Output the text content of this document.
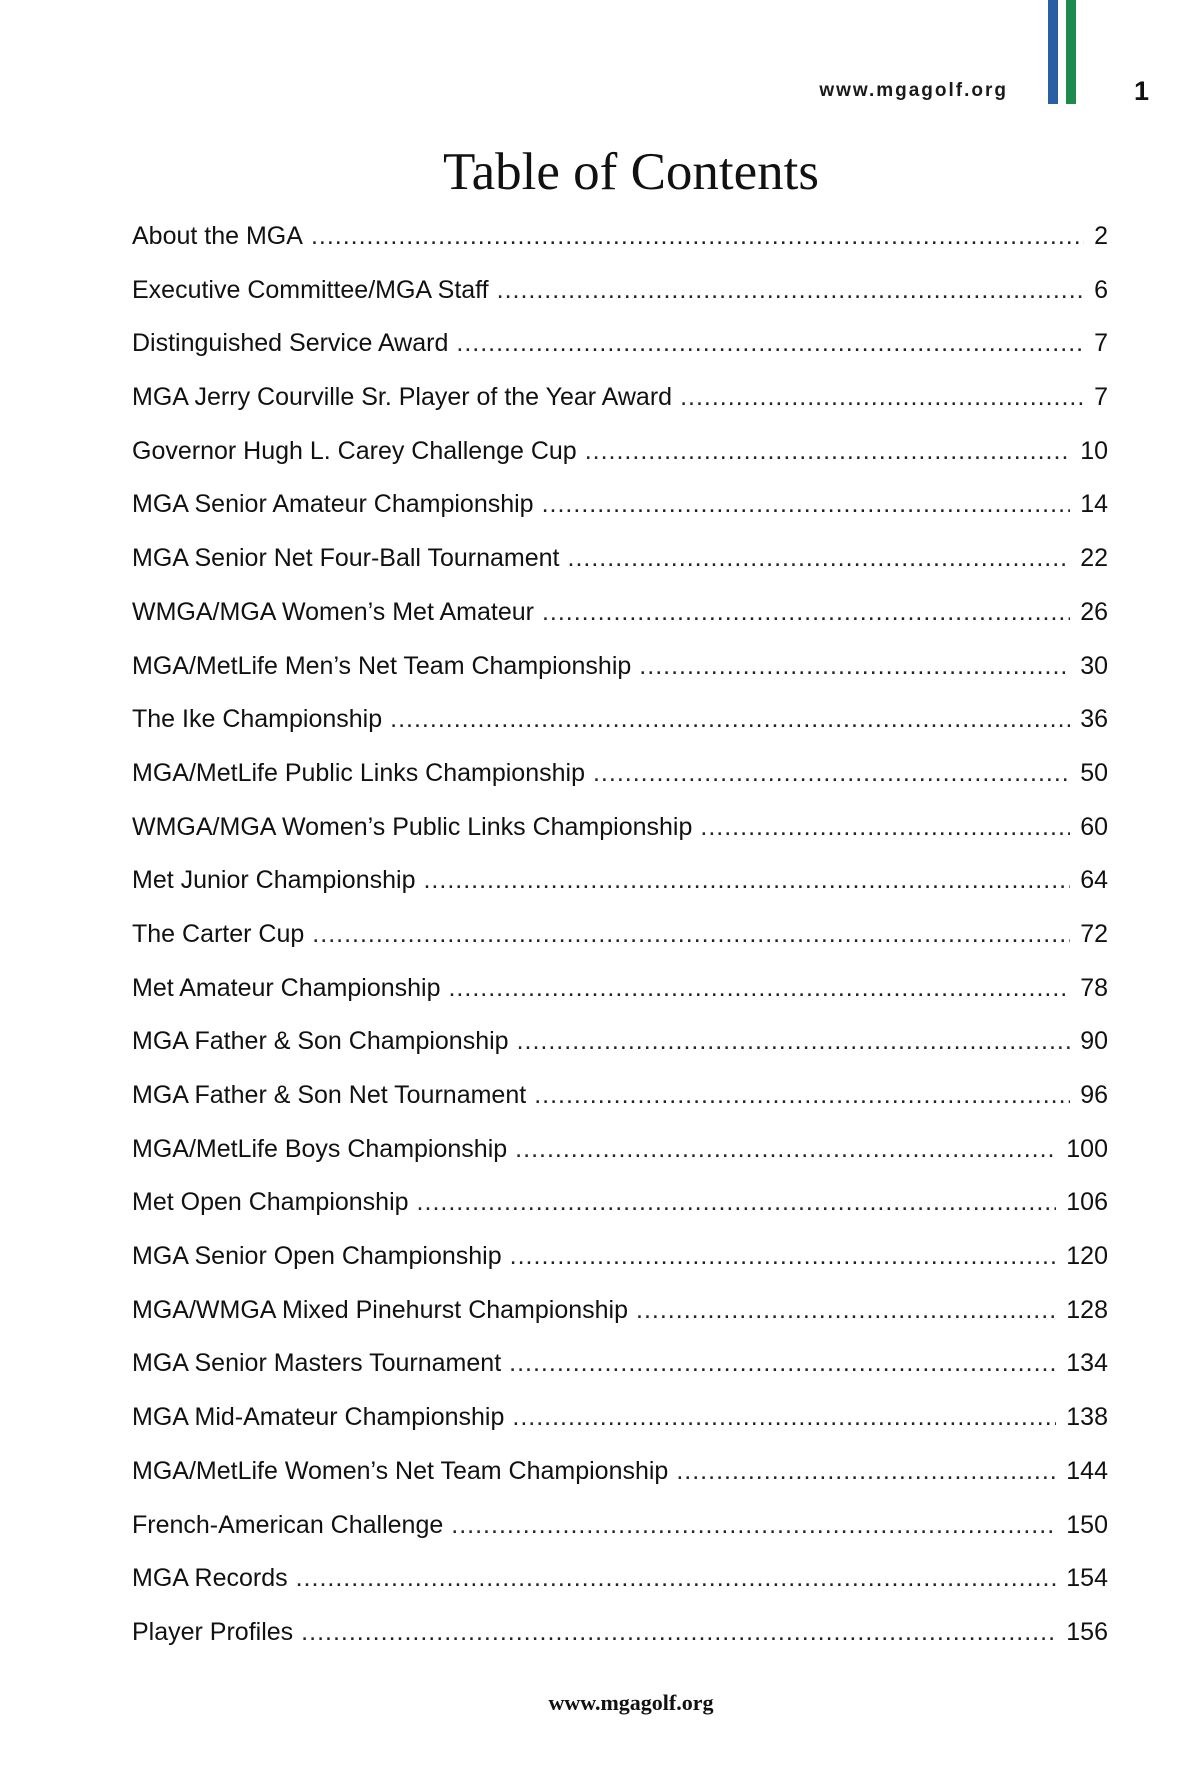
www.mgagolf.org	1
Table of Contents
About the MGA .....	2
Executive Committee/MGA Staff .....	6
Distinguished Service Award .....	7
MGA Jerry Courville Sr. Player of the Year Award .....	7
Governor Hugh L. Carey Challenge Cup .....	10
MGA Senior Amateur Championship .....	14
MGA Senior Net Four-Ball Tournament .....	22
WMGA/MGA Women’s Met Amateur .....	26
MGA/MetLife Men’s Net Team Championship .....	30
The Ike Championship .....	36
MGA/MetLife Public Links Championship .....	50
WMGA/MGA Women’s Public Links Championship .....	60
Met Junior Championship .....	64
The Carter Cup .....	72
Met Amateur Championship .....	78
MGA Father & Son Championship .....	90
MGA Father & Son Net Tournament .....	96
MGA/MetLife Boys Championship .....	100
Met Open Championship .....	106
MGA Senior Open Championship .....	120
MGA/WMGA Mixed Pinehurst Championship .....	128
MGA Senior Masters Tournament .....	134
MGA Mid-Amateur Championship .....	138
MGA/MetLife Women’s Net Team Championship .....	144
French-American Challenge .....	150
MGA Records .....	154
Player Profiles .....	156
www.mgagolf.org
